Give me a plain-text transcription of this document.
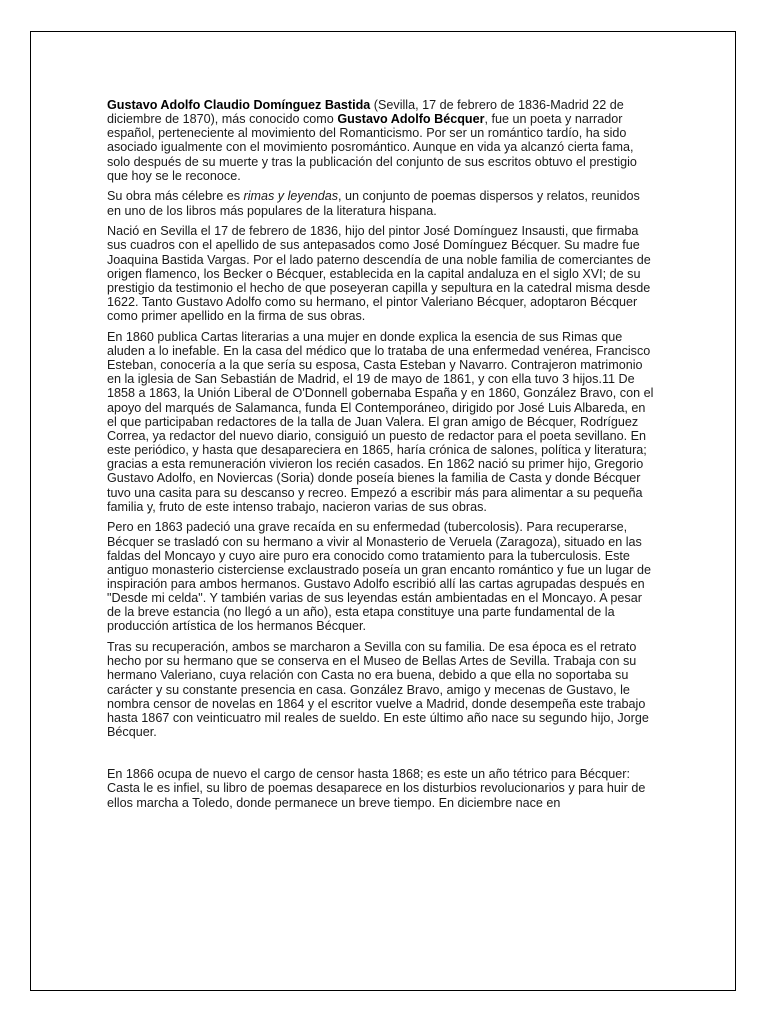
Gustavo Adolfo Claudio Domínguez Bastida (Sevilla, 17 de febrero de 1836-Madrid 22 de diciembre de 1870), más conocido como Gustavo Adolfo Bécquer, fue un poeta y narrador español, perteneciente al movimiento del Romanticismo. Por ser un romántico tardío, ha sido asociado igualmente con el movimiento posromántico. Aunque en vida ya alcanzó cierta fama, solo después de su muerte y tras la publicación del conjunto de sus escritos obtuvo el prestigio que hoy se le reconoce.

Su obra más célebre es rimas y leyendas, un conjunto de poemas dispersos y relatos, reunidos en uno de los libros más populares de la literatura hispana.

Nació en Sevilla el 17 de febrero de 1836, hijo del pintor José Domínguez Insausti, que firmaba sus cuadros con el apellido de sus antepasados como José Domínguez Bécquer. Su madre fue Joaquina Bastida Vargas. Por el lado paterno descendía de una noble familia de comerciantes de origen flamenco, los Becker o Bécquer, establecida en la capital andaluza en el siglo XVI; de su prestigio da testimonio el hecho de que poseyeran capilla y sepultura en la catedral misma desde 1622. Tanto Gustavo Adolfo como su hermano, el pintor Valeriano Bécquer, adoptaron Bécquer como primer apellido en la firma de sus obras.

En 1860 publica Cartas literarias a una mujer en donde explica la esencia de sus Rimas que aluden a lo inefable. En la casa del médico que lo trataba de una enfermedad venérea, Francisco Esteban, conocería a la que sería su esposa, Casta Esteban y Navarro. Contrajeron matrimonio en la iglesia de San Sebastián de Madrid, el 19 de mayo de 1861, y con ella tuvo 3 hijos.11 De 1858 a 1863, la Unión Liberal de O'Donnell gobernaba España y en 1860, González Bravo, con el apoyo del marqués de Salamanca, funda El Contemporáneo, dirigido por José Luis Albareda, en el que participaban redactores de la talla de Juan Valera. El gran amigo de Bécquer, Rodríguez Correa, ya redactor del nuevo diario, consiguió un puesto de redactor para el poeta sevillano. En este periódico, y hasta que desapareciera en 1865, haría crónica de salones, política y literatura; gracias a esta remuneración vivieron los recién casados. En 1862 nació su primer hijo, Gregorio Gustavo Adolfo, en Noviercas (Soria) donde poseía bienes la familia de Casta y donde Bécquer tuvo una casita para su descanso y recreo. Empezó a escribir más para alimentar a su pequeña familia y, fruto de este intenso trabajo, nacieron varias de sus obras.

Pero en 1863 padeció una grave recaída en su enfermedad (tubercolosis). Para recuperarse, Bécquer se trasladó con su hermano a vivir al Monasterio de Veruela (Zaragoza), situado en las faldas del Moncayo y cuyo aire puro era conocido como tratamiento para la tuberculosis. Este antiguo monasterio cisterciense exclaustrado poseía un gran encanto romántico y fue un lugar de inspiración para ambos hermanos. Gustavo Adolfo escribió allí las cartas agrupadas después en "Desde mi celda". Y también varias de sus leyendas están ambientadas en el Moncayo. A pesar de la breve estancia (no llegó a un año), esta etapa constituye una parte fundamental de la producción artística de los hermanos Bécquer.

Tras su recuperación, ambos se marcharon a Sevilla con su familia. De esa época es el retrato hecho por su hermano que se conserva en el Museo de Bellas Artes de Sevilla. Trabaja con su hermano Valeriano, cuya relación con Casta no era buena, debido a que ella no soportaba su carácter y su constante presencia en casa. González Bravo, amigo y mecenas de Gustavo, le nombra censor de novelas en 1864 y el escritor vuelve a Madrid, donde desempeña este trabajo hasta 1867 con veinticuatro mil reales de sueldo. En este último año nace su segundo hijo, Jorge Bécquer.

En 1866 ocupa de nuevo el cargo de censor hasta 1868; es este un año tétrico para Bécquer: Casta le es infiel, su libro de poemas desaparece en los disturbios revolucionarios y para huir de ellos marcha a Toledo, donde permanece un breve tiempo. En diciembre nace en
